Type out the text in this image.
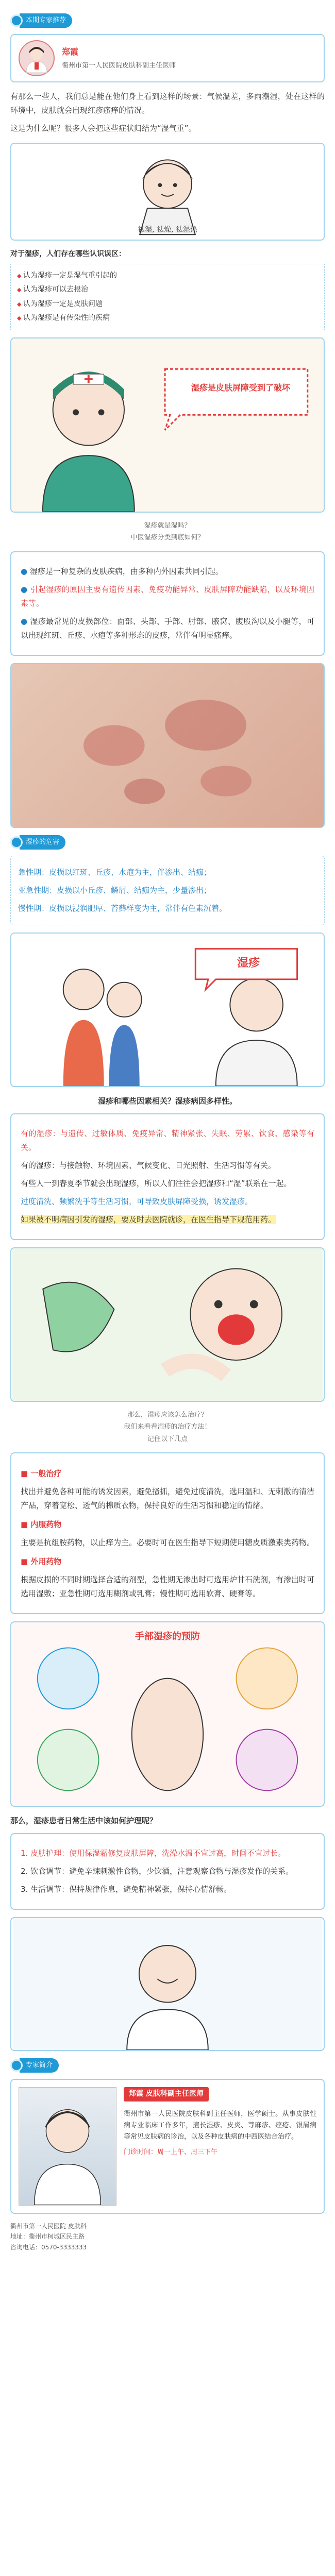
本期专家推荐
郑霞
衢州市第一人民医院皮肤科副主任医师

有那么一些人，我们总是能在他们身上看到这样的场景：气候温差，多雨潮湿，处在这样的环境中，皮肤就会出现红疹瘙痒的情况。

这是为什么呢？很多人会把这些症状归结为“湿气重”。

祛湿, 祛燥, 祛湿热
对于湿疹，人们存在哪些认识误区：
◆ 认为湿疹一定是湿气重引起的
◆ 认为湿疹可以去根治
◆ 认为湿疹一定是皮肤问题
◆ 认为湿疹是有传染性的疾病
湿疹是皮肤屏障受到了破坏
湿疹就是湿吗？
中医湿疹分类到底如何？

● 湿疹是一种复杂的皮肤疾病，由多种内外因素共同引起。

● 引起湿疹的原因主要有遗传因素、免疫功能异常、皮肤屏障功能缺陷，以及环境因素等。

● 湿疹最常见的皮损部位：面部、头部、手部、肘部、腋窝、腹股沟以及小腿等，可以出现红斑、丘疹、水疱等多种形态的皮疹，常伴有明显瘙痒。

湿疹的危害

急性期：皮损以红斑、丘疹、水疱为主，伴渗出、结痂；

亚急性期：皮损以小丘疹、鳞屑、结痂为主，少量渗出；

慢性期：皮损以浸润肥厚、苔藓样变为主，常伴有色素沉着。

湿疹

湿疹和哪些因素相关？湿疹病因多样性。

有的湿疹：与遗传、过敏体质、免疫异常、精神紧张、失眠、劳累、饮食、感染等有关。

有的湿疹：与接触物、环境因素、气候变化、日光照射、生活习惯等有关。

有些人一到春夏季节就会出现湿疹，所以人们往往会把湿疹和“湿”联系在一起。

过度清洗、频繁洗手等生活习惯，可导致皮肤屏障受损，诱发湿疹。

如果被不明病因引发的湿疹，要及时去医院就诊，在医生指导下规范用药。

那么，湿疹应该怎么治疗？
我们来看看湿疹的治疗方法！
记住以下几点
■ 一般治疗

找出并避免各种可能的诱发因素，避免搔抓，避免过度清洗，选用温和、无刺激的清洁产品，穿着宽松、透气的棉质衣物，保持良好的生活习惯和稳定的情绪。

■ 内服药物

主要是抗组胺药物，以止痒为主。必要时可在医生指导下短期使用糖皮质激素类药物。

■ 外用药物

根据皮损的不同时期选择合适的剂型，急性期无渗出时可选用炉甘石洗剂，有渗出时可选用湿敷；亚急性期可选用糊剂或乳膏；慢性期可选用软膏、硬膏等。

手部湿疹的预防

那么，湿疹患者日常生活中该如何护理呢？

1. 皮肤护理：使用保湿霜修复皮肤屏障，洗澡水温不宜过高，时间不宜过长。

2. 饮食调节：避免辛辣刺激性食物，少饮酒，注意观察食物与湿疹发作的关系。

3. 生活调节：保持规律作息，避免精神紧张，保持心情舒畅。

专家简介
郑霞 皮肤科副主任医师

衢州市第一人民医院皮肤科副主任医师，医学硕士。从事皮肤性病专业临床工作多年，擅长湿疹、皮炎、荨麻疹、痤疮、银屑病等常见皮肤病的诊治，以及各种皮肤病的中西医结合治疗。

门诊时间：周一上午、周三下午

衢州市第一人民医院 皮肤科
地址：衢州市柯城区民主路
咨询电话：0570-3333333
